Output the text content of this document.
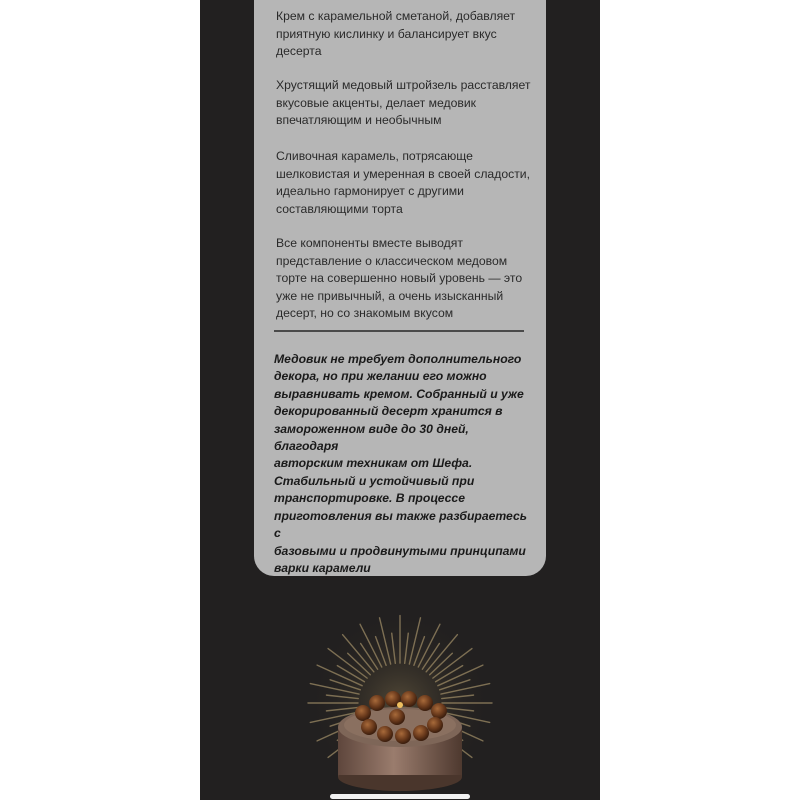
Крем с карамельной сметаной, добавляет
приятную кислинку и балансирует вкус
десерта

Хрустящий медовый штройзель расставляет
вкусовые акценты, делает медовик
впечатляющим и необычным

Сливочная карамель, потрясающе
шелковистая и умеренная в своей сладости,
идеально гармонирует с другими
составляющими торта

Все компоненты вместе выводят
представление о классическом медовом
торте на совершенно новый уровень — это
уже не привычный, а очень изысканный
десерт, но со знакомым вкусом

Медовик не требует дополнительного
декора, но при желании его можно
выравнивать кремом. Собранный и уже
декорированный десерт хранится в
замороженном виде до 30 дней, благодаря
авторским техникам от Шефа.

Стабильный и устойчивый при
транспортировке. В процессе
приготовления вы также разбираетесь с
базовыми и продвинутыми принципами
варки карамели
